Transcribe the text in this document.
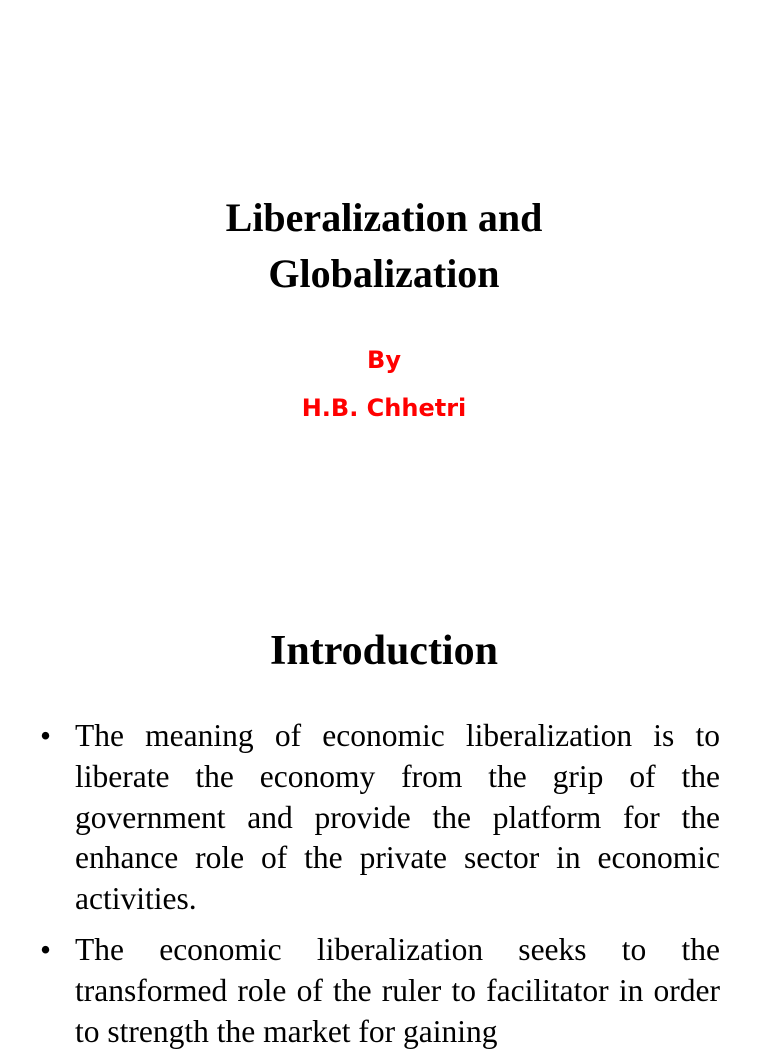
Liberalization and
Globalization
By
H.B. Chhetri
Introduction
• The meaning of economic liberalization is to liberate the economy from the grip of the government and provide the platform for the enhance role of the private sector in economic activities.
• The economic liberalization seeks to the transformed role of the ruler to facilitator in order to strength the market for gaining
